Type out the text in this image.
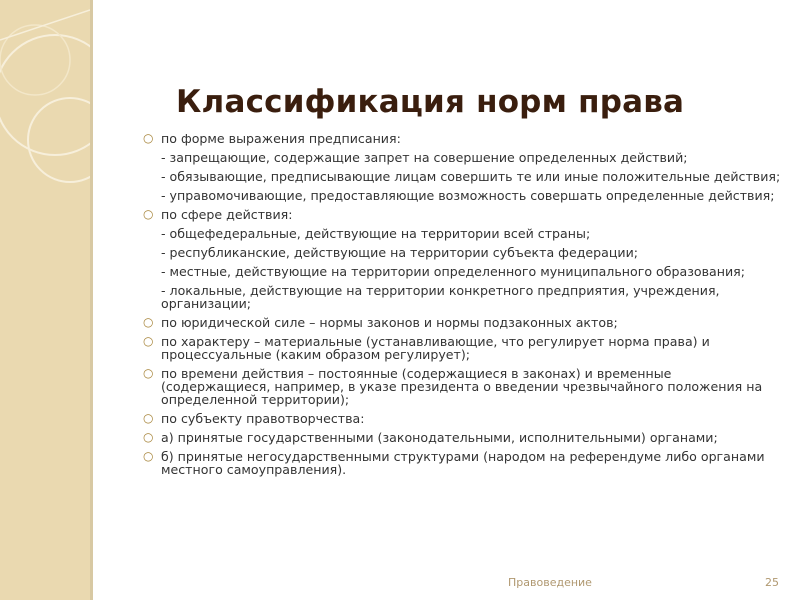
Классификация норм права
○ по форме выражения предписания:
- запрещающие, содержащие запрет на совершение определенных действий;
- обязывающие, предписывающие лицам совершить те или иные положительные действия;
- управомочивающие, предоставляющие возможность совершать определенные действия;
○ по сфере действия:
- общефедеральные, действующие на территории всей страны;
- республиканские, действующие на территории субъекта федерации;
- местные, действующие на территории определенного муниципального образования;
- локальные, действующие на территории конкретного предприятия, учреждения, организации;
○ по юридической силе – нормы законов и нормы подзаконных актов;
○ по характеру – материальные (устанавливающие, что регулирует норма права) и процессуальные (каким образом регулирует);
○ по времени действия – постоянные (содержащиеся в законах) и временные (содержащиеся, например, в указе президента о введении чрезвычайного положения на определенной территории);
○ по субъекту правотворчества:
○ а) принятые государственными (законодательными, исполнительными) органами;
○ б) принятые негосударственными структурами (народом на референдуме либо органами местного самоуправления).
Правоведение	25
